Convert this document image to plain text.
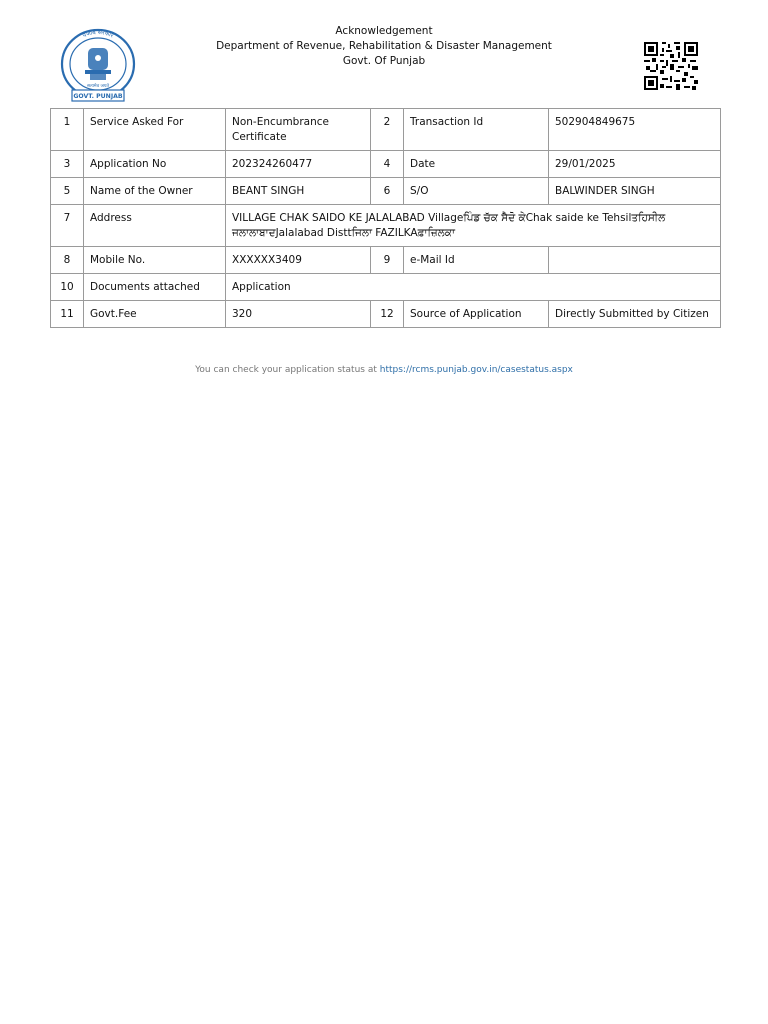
पंजाब सरकार
सत्यमेव जयते
GOVT. PUNJAB
Acknowledgement
Department of Revenue, Rehabilitation & Disaster Management
Govt. Of Punjab
1	Service Asked For	Non-Encumbrance Certificate	2	Transaction Id	502904849675
3	Application No	202324260477	4	Date	29/01/2025
5	Name of the Owner	BEANT SINGH	6	S/O	BALWINDER SINGH
7	Address	VILLAGE CHAK SAIDO KE JALALABAD Villageਪਿੰਡ ਚੱਕ ਸੈਦੋ ਕੇChak saide ke Tehsilਤਹਿਸੀਲ ਜਲਾਲਾਬਾਦJalalabad Disttਜਿਲਾ FAZILKAਫ਼ਾਜ਼ਿਲਕਾ			
8	Mobile No.	XXXXXX3409	9	e-Mail Id	
10	Documents attached	Application			
11	Govt.Fee	320	12	Source of Application	Directly Submitted by Citizen
You can check your application status at https://rcms.punjab.gov.in/casestatus.aspx
